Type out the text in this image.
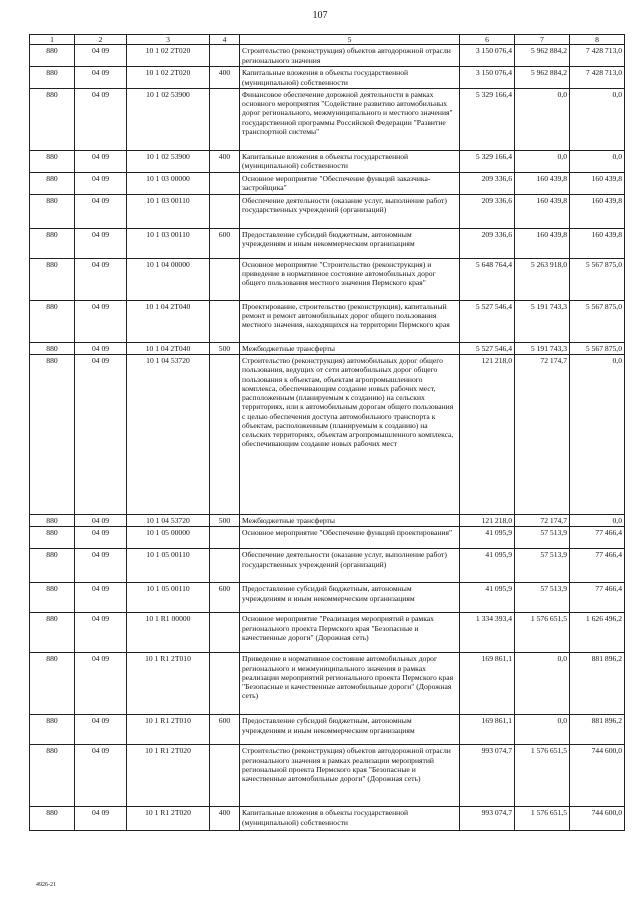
107
1	2	3	4	5	6	7	8
880	04 09	10 1 02 2Т020		Строительство (реконструкция) объектов автодорожной отрасли регионального значения	3 150 076,4	5 962 884,2	7 428 713,0
880	04 09	10 1 02 2Т020	400	Капитальные вложения в объекты государственной (муниципальной) собственности	3 150 076,4	5 962 884,2	7 428 713,0
880	04 09	10 1 02 53900		Финансовое обеспечение дорожной деятельности в рамках основного мероприятия "Содействие развитию автомобильных дорог регионального, межмуниципального и местного значения" государственной программы Российской Федерации "Развитие транспортной системы"	5 329 166,4	0,0	0,0
880	04 09	10 1 02 53900	400	Капитальные вложения в объекты государственной (муниципальной) собственности	5 329 166,4	0,0	0,0
880	04 09	10 1 03 00000		Основное мероприятие "Обеспечение функций заказчика-застройщика"	209 336,6	160 439,8	160 439,8
880	04 09	10 1 03 00110		Обеспечение деятельности (оказание услуг, выполнение работ) государственных учреждений (организаций)	209 336,6	160 439,8	160 439,8
880	04 09	10 1 03 00110	600	Предоставление субсидий бюджетным, автономным учреждениям и иным некоммерческим организациям	209 336,6	160 439,8	160 439,8
880	04 09	10 1 04 00000		Основное мероприятие "Строительство (реконструкция) и приведение в нормативное состояние автомобильных дорог общего пользования местного значения Пермского края"	5 648 764,4	5 263 918,0	5 567 875,0
880	04 09	10 1 04 2Т040		Проектирование, строительство (реконструкция), капитальный ремонт и ремонт автомобильных дорог общего пользования местного значения, находящихся на территории Пермского края	5 527 546,4	5 191 743,3	5 567 875,0
880	04 09	10 1 04 2Т040	500	Межбюджетные трансферты	5 527 546,4	5 191 743,3	5 567 875,0
880	04 09	10 1 04 53720		Строительство (реконструкция) автомобильных дорог общего пользования, ведущих от сети автомобильных дорог общего пользования к объектам, объектам агропромышленного комплекса, обеспечивающим создание новых рабочих мест, расположенным (планируемым к созданию) на сельских территориях, или к автомобильным дорогам общего пользования с целью обеспечения доступа автомобильного транспорта к объектам, расположенным (планируемым к созданию) на сельских территориях, объектам агропромышленного комплекса, обеспечивающим создание новых рабочих мест	121 218,0	72 174,7	0,0
880	04 09	10 1 04 53720	500	Межбюджетные трансферты	121 218,0	72 174,7	0,0
880	04 09	10 1 05 00000		Основное мероприятие "Обеспечение функций проектирования"	41 095,9	57 513,9	77 466,4
880	04 09	10 1 05 00110		Обеспечение деятельности (оказание услуг, выполнение работ) государственных учреждений (организаций)	41 095,9	57 513,9	77 466,4
880	04 09	10 1 05 00110	600	Предоставление субсидий бюджетным, автономным учреждениям и иным некоммерческим организациям	41 095,9	57 513,9	77 466,4
880	04 09	10 1 R1 00000		Основное мероприятие "Реализация мероприятий в рамках регионального проекта Пермского края "Безопасные и качественные дороги" (Дорожная сеть)	1 334 393,4	1 576 651,5	1 626 496,2
880	04 09	10 1 R1 2Т010		Приведение в нормативное состояние автомобильных дорог регионального и межмуниципального значения в рамках реализации мероприятий регионального проекта Пермского края "Безопасные и качественные автомобильные дороги" (Дорожная сеть)	169 861,1	0,0	881 896,2
880	04 09	10 1 R1 2Т010	600	Предоставление субсидий бюджетным, автономным учреждениям и иным некоммерческим организациям	169 861,1	0,0	881 896,2
880	04 09	10 1 R1 2Т020		Строительство (реконструкция) объектов автодорожной отрасли регионального значения в рамках реализации мероприятий региональной проекта Пермского края "Безопасные и качественные автомобильные дороги" (Дорожная сеть)	993 074,7	1 576 651,5	744 600,0
880	04 09	10 1 R1 2Т020	400	Капитальные вложения в объекты государственной (муниципальной) собственности	993 074,7	1 576 651,5	744 600,0
4926-21
